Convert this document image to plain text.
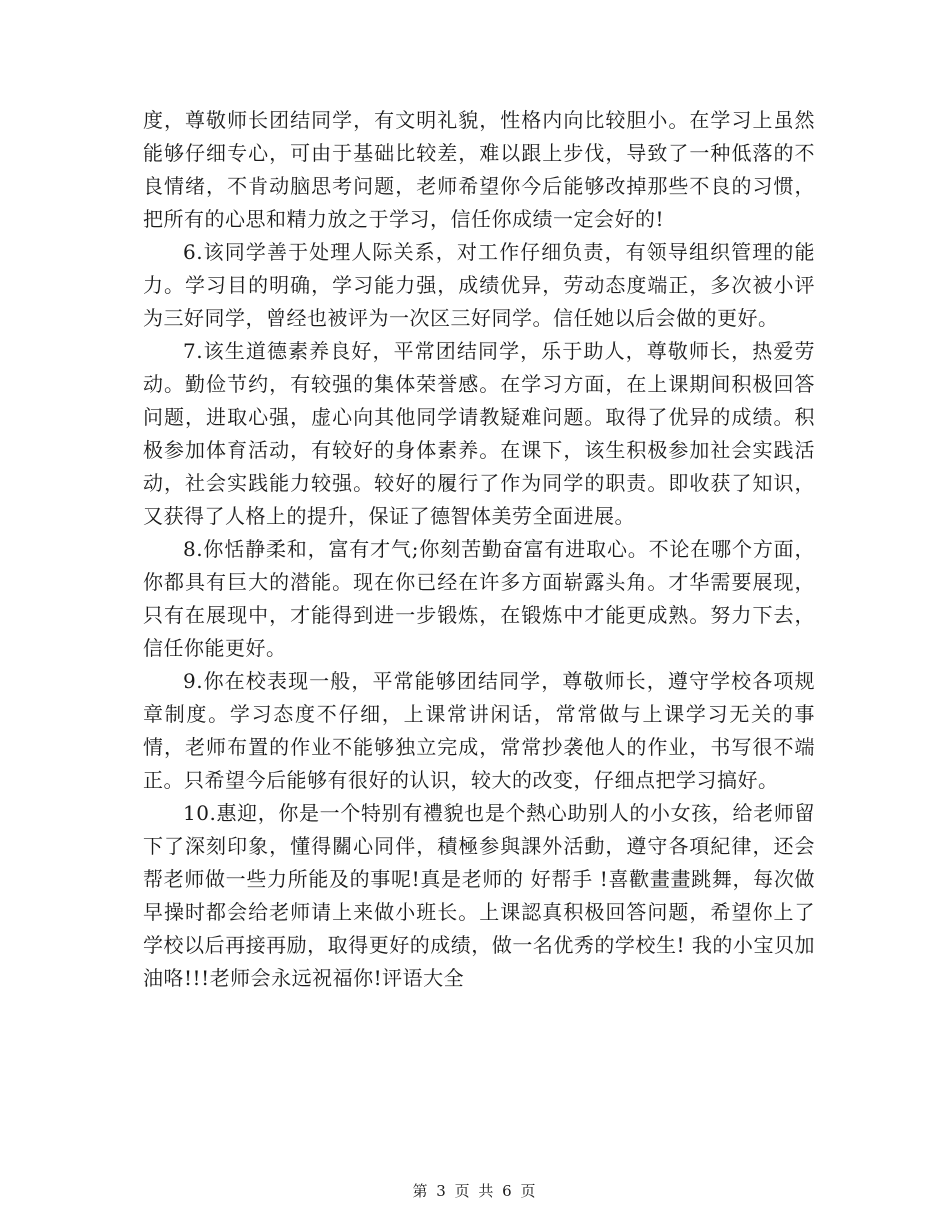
度，尊敬师长团结同学，有文明礼貌，性格内向比较胆小。在学习上虽然能够仔细专心，可由于基础比较差，难以跟上步伐，导致了一种低落的不良情绪，不肯动脑思考问题，老师希望你今后能够改掉那些不良的习惯，把所有的心思和精力放之于学习，信任你成绩一定会好的!

6.该同学善于处理人际关系，对工作仔细负责，有领导组织管理的能力。学习目的明确，学习能力强，成绩优异，劳动态度端正，多次被小评为三好同学，曾经也被评为一次区三好同学。信任她以后会做的更好。

7.该生道德素养良好，平常团结同学，乐于助人，尊敬师长，热爱劳动。勤俭节约，有较强的集体荣誉感。在学习方面，在上课期间积极回答问题，进取心强，虚心向其他同学请教疑难问题。取得了优异的成绩。积极参加体育活动，有较好的身体素养。在课下，该生积极参加社会实践活动，社会实践能力较强。较好的履行了作为同学的职责。即收获了知识，又获得了人格上的提升，保证了德智体美劳全面进展。

8.你恬静柔和，富有才气;你刻苦勤奋富有进取心。不论在哪个方面，你都具有巨大的潜能。现在你已经在许多方面崭露头角。才华需要展现，只有在展现中，才能得到进一步锻炼，在锻炼中才能更成熟。努力下去，信任你能更好。

9.你在校表现一般，平常能够团结同学，尊敬师长，遵守学校各项规章制度。学习态度不仔细，上课常讲闲话，常常做与上课学习无关的事情，老师布置的作业不能够独立完成，常常抄袭他人的作业，书写很不端正。只希望今后能够有很好的认识，较大的改变，仔细点把学习搞好。

10.惠迎，你是一个特别有禮貌也是个熱心助别人的小女孩，给老师留下了深刻印象，懂得關心同伴，積極参與課外活動，遵守各項紀律，还会帮老师做一些力所能及的事呢!真是老师的 好帮手 !喜歡畫畫跳舞，每次做早操时都会给老师请上来做小班长。上课認真积极回答问题，希望你上了学校以后再接再励，取得更好的成绩，做一名优秀的学校生! 我的小宝贝加油咯!!!老师会永远祝福你!评语大全

第 3 页 共 6 页
